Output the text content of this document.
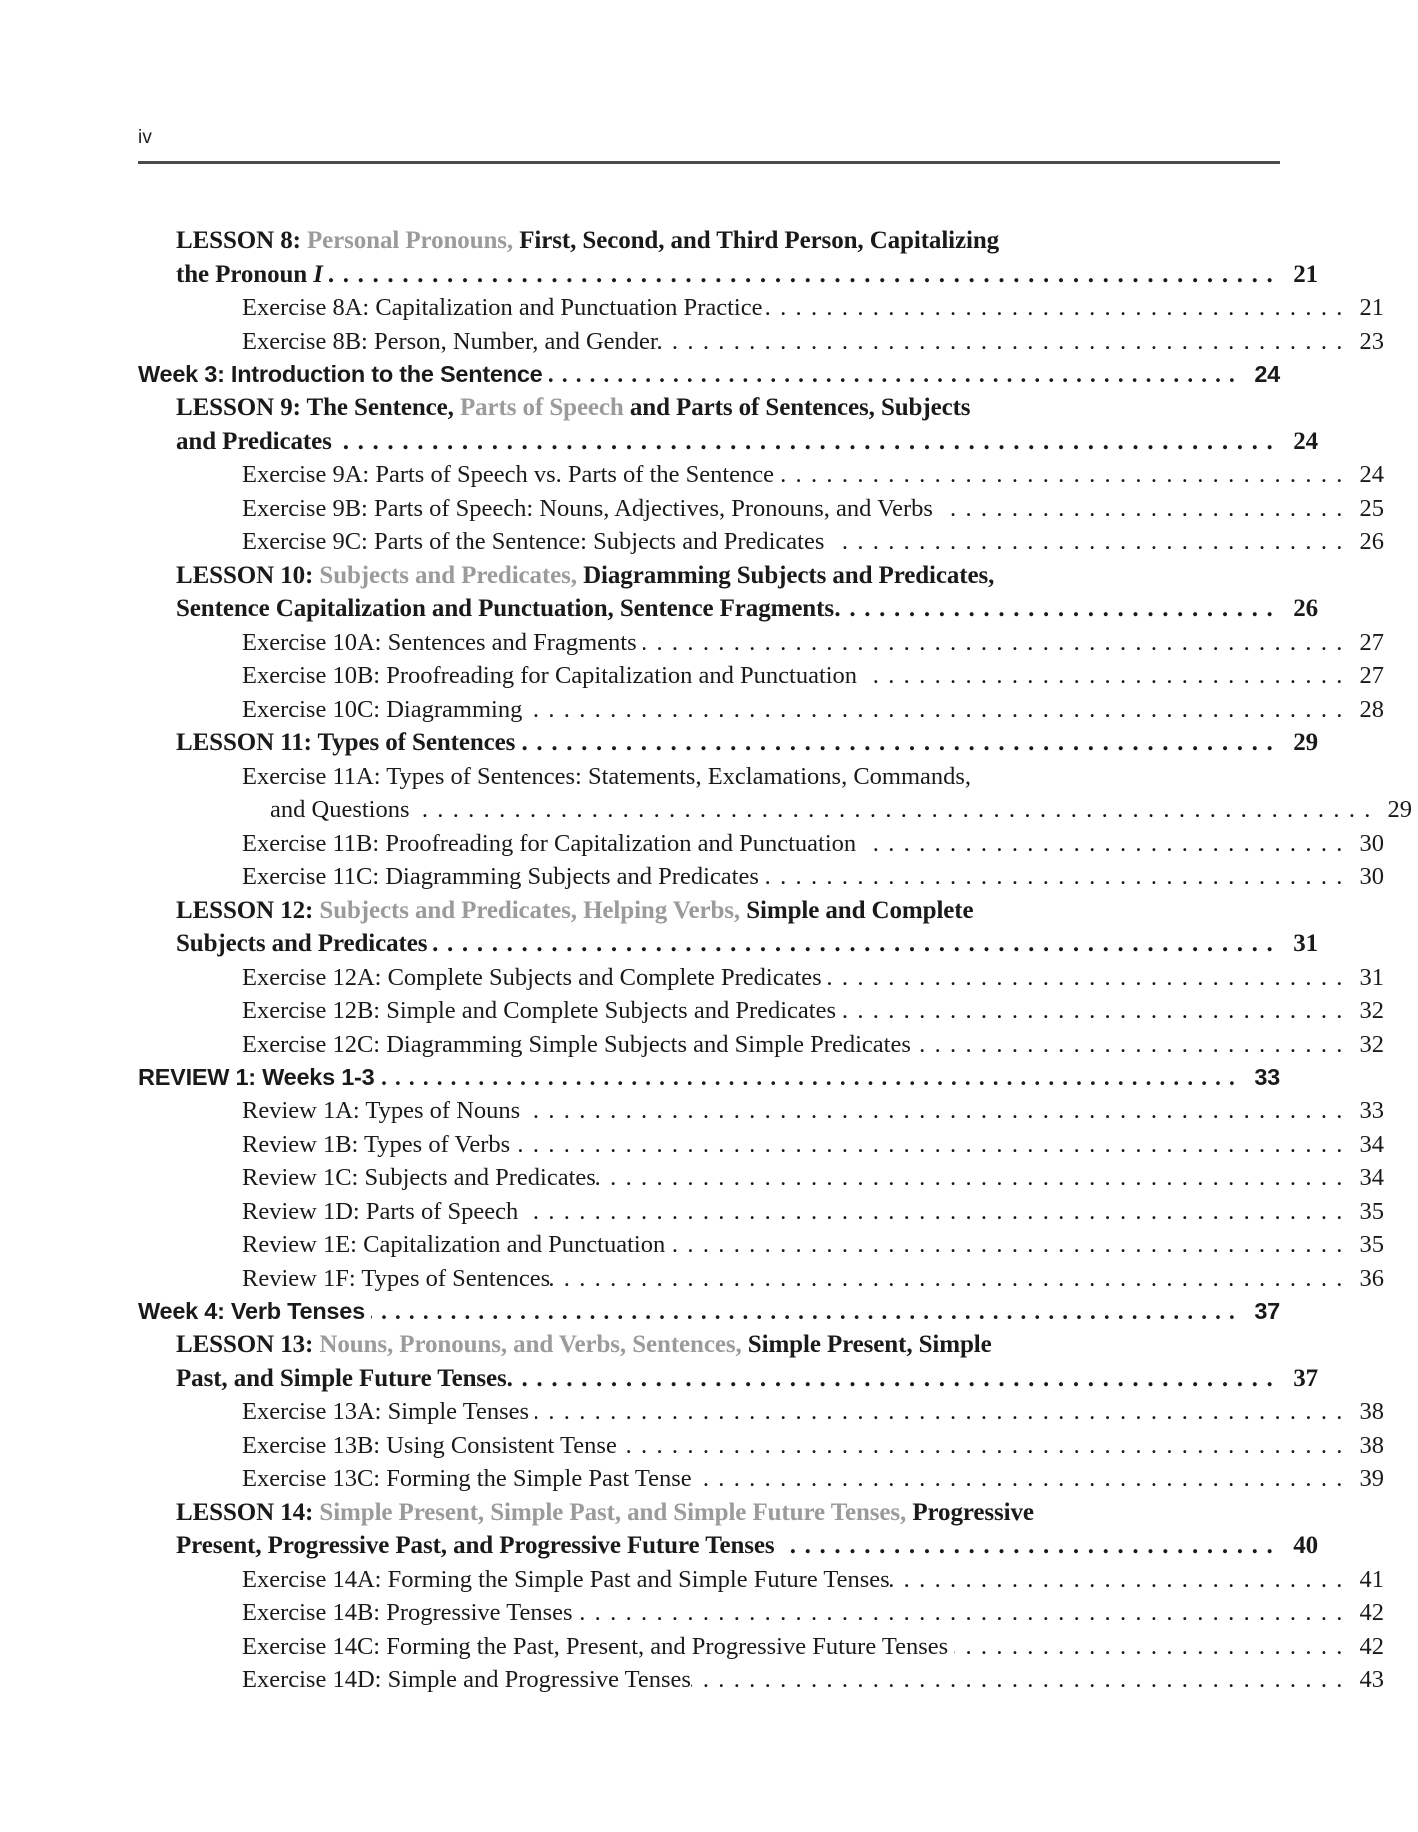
iv
LESSON 8: Personal Pronouns, First, Second, and Third Person, Capitalizing
the Pronoun I . . .	21
Exercise 8A: Capitalization and Punctuation Practice . . .	21
Exercise 8B: Person, Number, and Gender . . .	23
Week 3: Introduction to the Sentence . . .	24
LESSON 9: The Sentence, Parts of Speech and Parts of Sentences, Subjects
and Predicates . . .	24
Exercise 9A: Parts of Speech vs. Parts of the Sentence . . .	24
Exercise 9B: Parts of Speech: Nouns, Adjectives, Pronouns, and Verbs . . .	25
Exercise 9C: Parts of the Sentence: Subjects and Predicates . . .	26
LESSON 10: Subjects and Predicates, Diagramming Subjects and Predicates,
Sentence Capitalization and Punctuation, Sentence Fragments . . .	26
Exercise 10A: Sentences and Fragments . . .	27
Exercise 10B: Proofreading for Capitalization and Punctuation . . .	27
Exercise 10C: Diagramming . . .	28
LESSON 11: Types of Sentences . . .	29
Exercise 11A: Types of Sentences: Statements, Exclamations, Commands,
and Questions . . .	29
Exercise 11B: Proofreading for Capitalization and Punctuation . . .	30
Exercise 11C: Diagramming Subjects and Predicates . . .	30
LESSON 12: Subjects and Predicates, Helping Verbs, Simple and Complete
Subjects and Predicates . . .	31
Exercise 12A: Complete Subjects and Complete Predicates . . .	31
Exercise 12B: Simple and Complete Subjects and Predicates . . .	32
Exercise 12C: Diagramming Simple Subjects and Simple Predicates . . .	32
REVIEW 1: Weeks 1-3 . . .	33
Review 1A: Types of Nouns . . .	33
Review 1B: Types of Verbs . . .	34
Review 1C: Subjects and Predicates . . .	34
Review 1D: Parts of Speech . . .	35
Review 1E: Capitalization and Punctuation . . .	35
Review 1F: Types of Sentences . . .	36
Week 4: Verb Tenses . . .	37
LESSON 13: Nouns, Pronouns, and Verbs, Sentences, Simple Present, Simple
Past, and Simple Future Tenses. . . .	37
Exercise 13A: Simple Tenses . . .	38
Exercise 13B: Using Consistent Tense . . .	38
Exercise 13C: Forming the Simple Past Tense . . .	39
LESSON 14: Simple Present, Simple Past, and Simple Future Tenses, Progressive
Present, Progressive Past, and Progressive Future Tenses . . .	40
Exercise 14A: Forming the Simple Past and Simple Future Tenses . . .	41
Exercise 14B: Progressive Tenses . . .	42
Exercise 14C: Forming the Past, Present, and Progressive Future Tenses . . .	42
Exercise 14D: Simple and Progressive Tenses . . .	43
